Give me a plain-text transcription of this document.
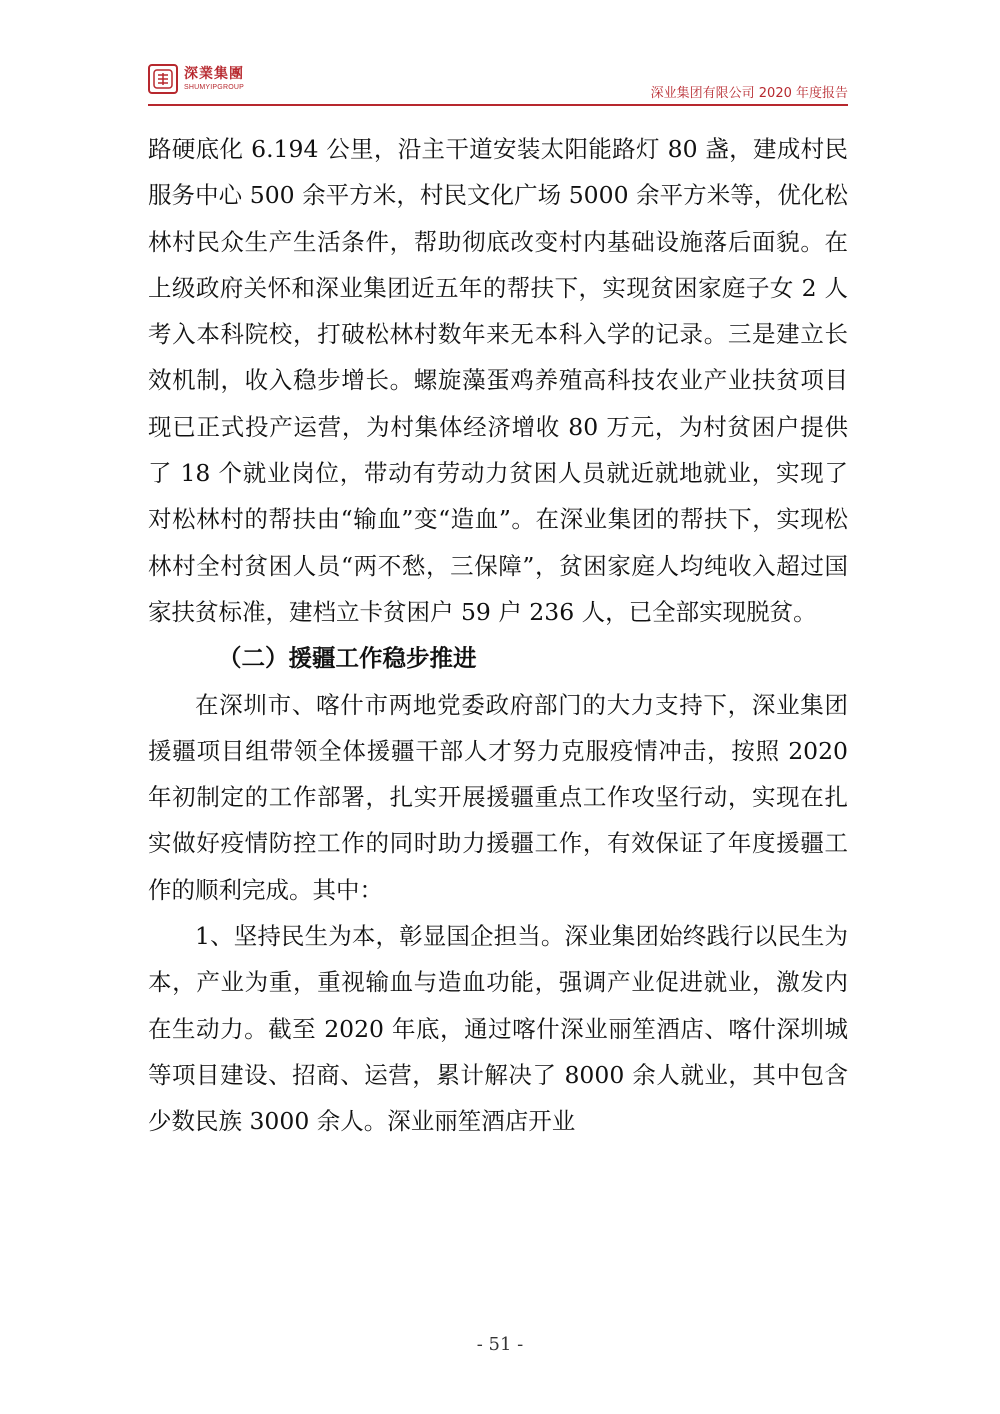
深業集團
SHUMYIPGROUP	深业集团有限公司 2020 年度报告

路硬底化 6.194 公里，沿主干道安装太阳能路灯 80 盏，建成村民服务中心 500 余平方米，村民文化广场 5000 余平方米等，优化松林村民众生产生活条件，帮助彻底改变村内基础设施落后面貌。在上级政府关怀和深业集团近五年的帮扶下，实现贫困家庭子女 2 人考入本科院校，打破松林村数年来无本科入学的记录。三是建立长效机制，收入稳步增长。螺旋藻蛋鸡养殖高科技农业产业扶贫项目现已正式投产运营，为村集体经济增收 80 万元，为村贫困户提供了 18 个就业岗位，带动有劳动力贫困人员就近就地就业，实现了对松林村的帮扶由“输血”变“造血”。在深业集团的帮扶下，实现松林村全村贫困人员“两不愁，三保障”，贫困家庭人均纯收入超过国家扶贫标准，建档立卡贫困户 59 户 236 人，已全部实现脱贫。

（二）援疆工作稳步推进

在深圳市、喀什市两地党委政府部门的大力支持下，深业集团援疆项目组带领全体援疆干部人才努力克服疫情冲击，按照 2020 年初制定的工作部署，扎实开展援疆重点工作攻坚行动，实现在扎实做好疫情防控工作的同时助力援疆工作，有效保证了年度援疆工作的顺利完成。其中：

1、坚持民生为本，彰显国企担当。深业集团始终践行以民生为本，产业为重，重视输血与造血功能，强调产业促进就业，激发内在生动力。截至 2020 年底，通过喀什深业丽笙酒店、喀什深圳城等项目建设、招商、运营，累计解决了 8000 余人就业，其中包含少数民族 3000 余人。深业丽笙酒店开业

- 51 -
